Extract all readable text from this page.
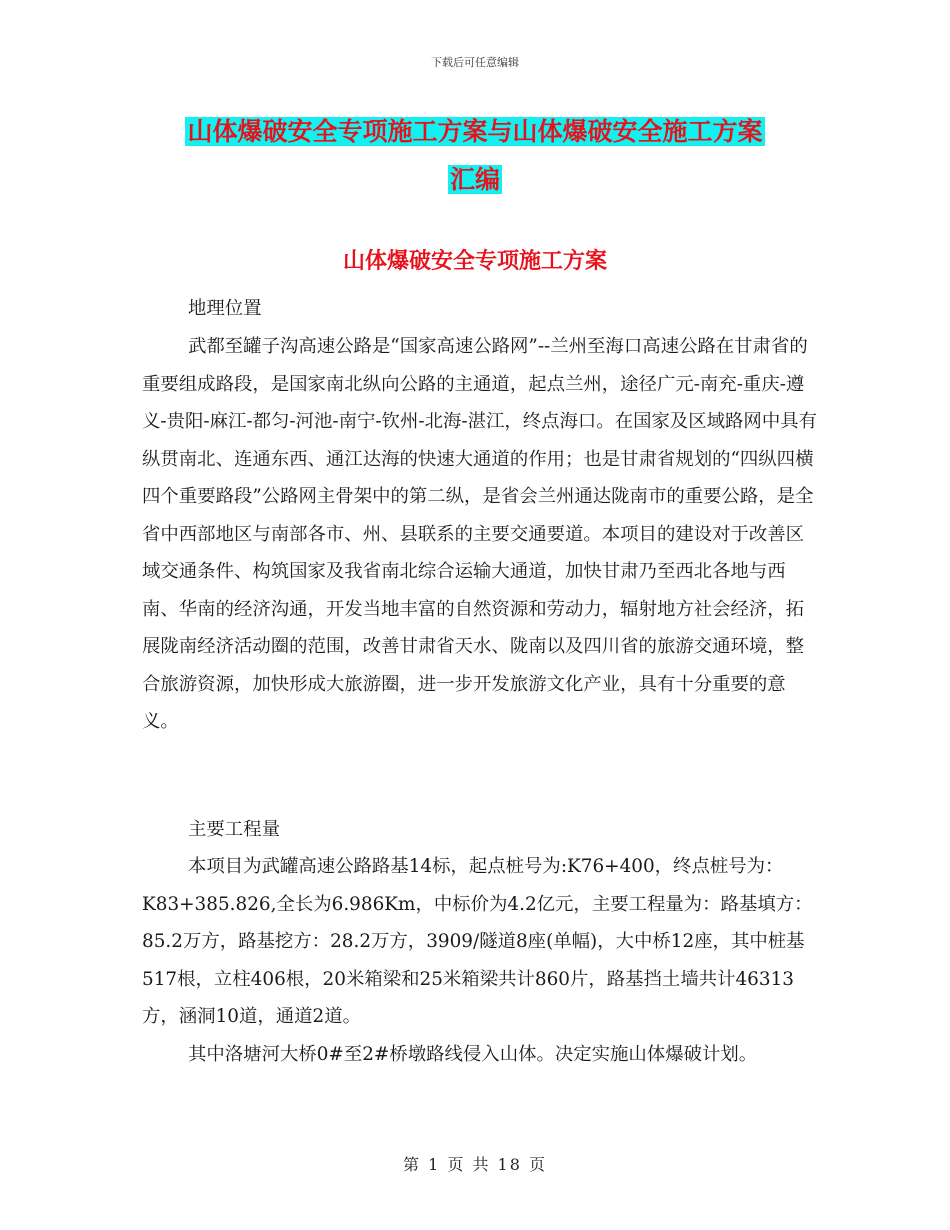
下载后可任意编辑
山体爆破安全专项施工方案与山体爆破安全施工方案
汇编
山体爆破安全专项施工方案

地理位置

武都至罐子沟高速公路是“国家高速公路网”--兰州至海口高速公路在甘肃省的重要组成路段，是国家南北纵向公路的主通道，起点兰州，途径广元-南充-重庆-遵义-贵阳-麻江-都匀-河池-南宁-钦州-北海-湛江，终点海口。在国家及区域路网中具有纵贯南北、连通东西、通江达海的快速大通道的作用；也是甘肃省规划的“四纵四横四个重要路段”公路网主骨架中的第二纵，是省会兰州通达陇南市的重要公路，是全省中西部地区与南部各市、州、县联系的主要交通要道。本项目的建设对于改善区域交通条件、构筑国家及我省南北综合运输大通道，加快甘肃乃至西北各地与西南、华南的经济沟通，开发当地丰富的自然资源和劳动力，辐射地方社会经济，拓展陇南经济活动圈的范围，改善甘肃省天水、陇南以及四川省的旅游交通环境，整合旅游资源，加快形成大旅游圈，进一步开发旅游文化产业，具有十分重要的意义。

主要工程量

本项目为武罐高速公路路基14标，起点桩号为:K76+400，终点桩号为：K83+385.826,全长为6.986Km，中标价为4.2亿元，主要工程量为：路基填方：85.2万方，路基挖方：28.2万方，3909/隧道8座(单幅)，大中桥12座，其中桩基517根，立柱406根，20米箱梁和25米箱梁共计860片，路基挡土墙共计46313方，涵洞10道，通道2道。

其中洛塘河大桥0#至2#桥墩路线侵入山体。决定实施山体爆破计划。

第 1 页 共 18 页
